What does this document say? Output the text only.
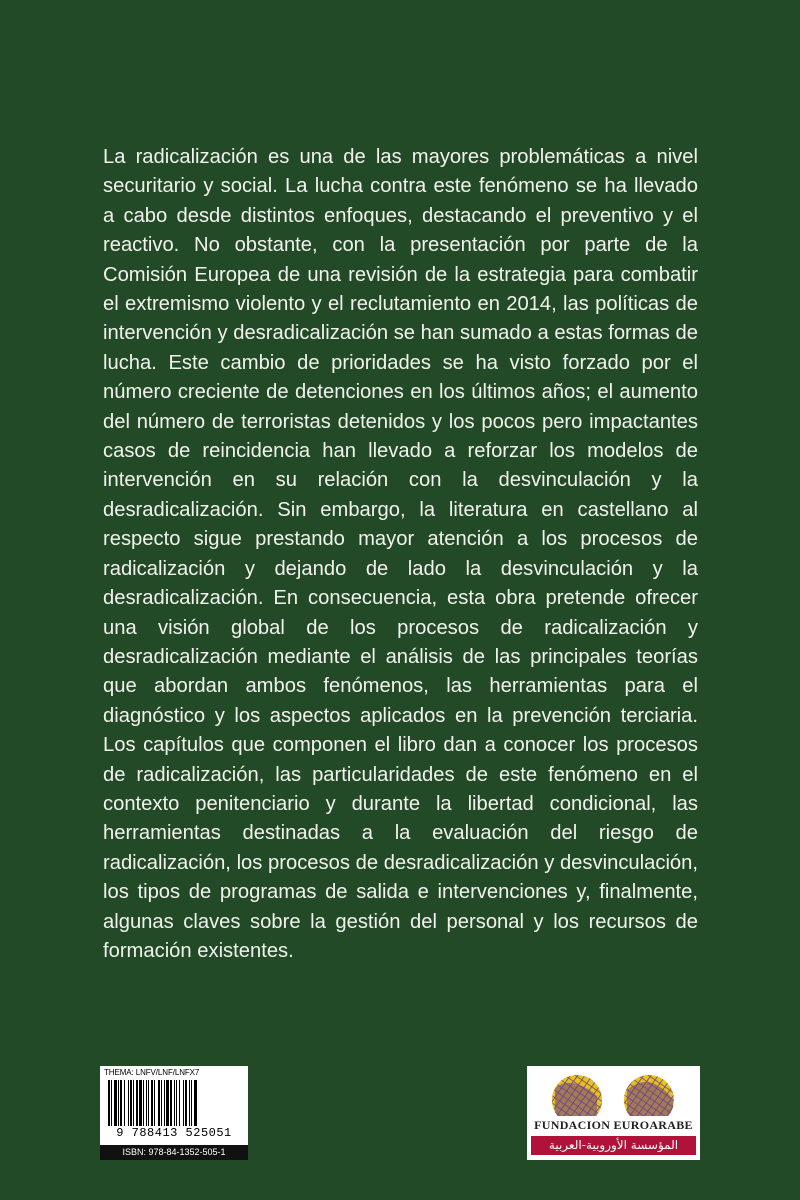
La radicalización es una de las mayores problemáticas a nivel securitario y social. La lucha contra este fenómeno se ha llevado a cabo desde distintos enfoques, destacando el preventivo y el reactivo. No obstante, con la presentación por parte de la Comisión Europea de una revisión de la estrategia para combatir el extremismo violento y el reclutamiento en 2014, las políticas de intervención y desradicalización se han sumado a estas formas de lucha. Este cambio de prioridades se ha visto forzado por el número creciente de detenciones en los últimos años; el aumento del número de terroristas detenidos y los pocos pero impactantes casos de reincidencia han llevado a reforzar los modelos de intervención en su relación con la desvinculación y la desradicalización. Sin embargo, la literatura en castellano al respecto sigue prestando mayor atención a los procesos de radicalización y dejando de lado la desvinculación y la desradicalización. En consecuencia, esta obra pretende ofrecer una visión global de los procesos de radicalización y desradicalización mediante el análisis de las principales teorías que abordan ambos fenómenos, las herramientas para el diagnóstico y los aspectos aplicados en la prevención terciaria. Los capítulos que componen el libro dan a conocer los procesos de radicalización, las particularidades de este fenómeno en el contexto penitenciario y durante la libertad condicional, las herramientas destinadas a la evaluación del riesgo de radicalización, los procesos de desradicalización y desvinculación, los tipos de programas de salida e intervenciones y, finalmente, algunas claves sobre la gestión del personal y los recursos de formación existentes.

THEMA: LNFV/LNF/LNFX7
9 788413 525051
ISBN: 978-84-1352-505-1
FUNDACION EUROARABE
المؤسسة الأوروبية-العربية
